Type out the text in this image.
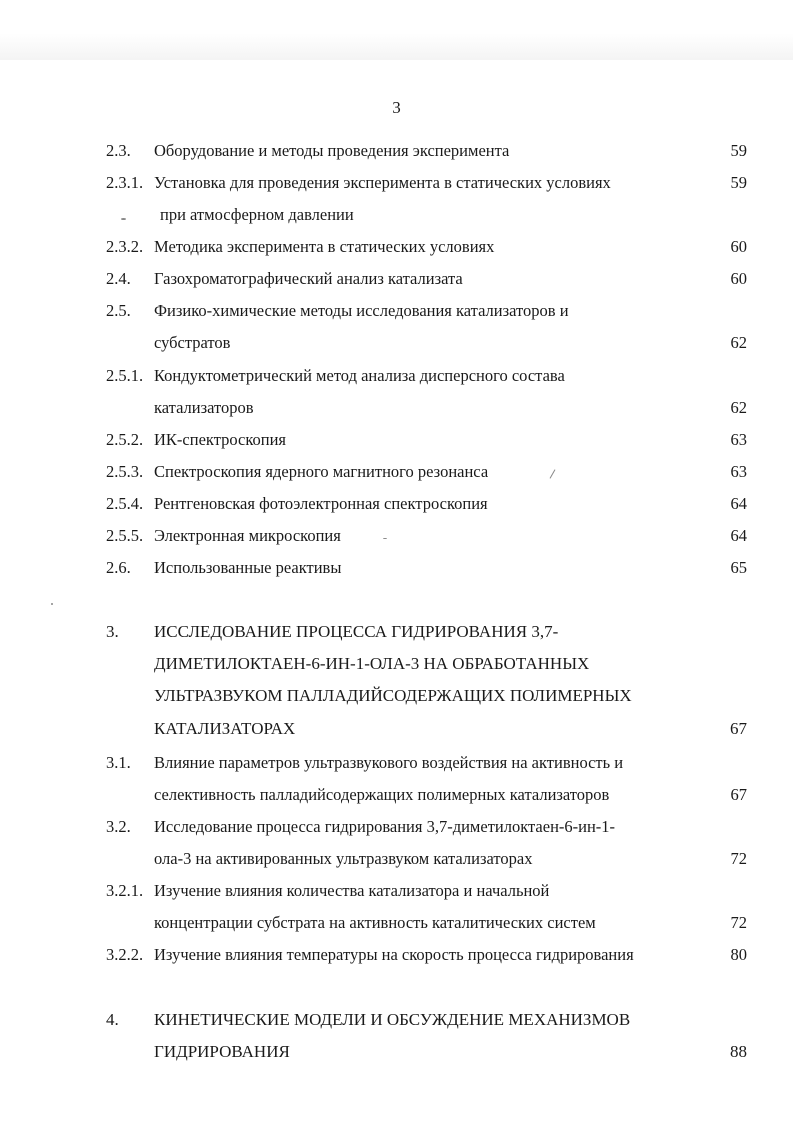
3
2.3. Оборудование и методы проведения эксперимента	59
2.3.1. Установка для проведения эксперимента в статических условиях	59
при атмосферном давлении
2.3.2. Методика эксперимента в статических условиях	60
2.4. Газохроматографический анализ катализата	60
2.5. Физико-химические методы исследования катализаторов и
субстратов	62
2.5.1. Кондуктометрический метод анализа дисперсного состава
катализаторов	62
2.5.2. ИК-спектроскопия	63
2.5.3. Спектроскопия ядерного магнитного резонанса	63
2.5.4. Рентгеновская фотоэлектронная спектроскопия	64
2.5.5. Электронная микроскопия	64
2.6. Использованные реактивы	65
3. ИССЛЕДОВАНИЕ ПРОЦЕССА ГИДРИРОВАНИЯ 3,7-
ДИМЕТИЛОКТАЕН-6-ИН-1-ОЛА-3 НА ОБРАБОТАННЫХ
УЛЬТРАЗВУКОМ ПАЛЛАДИЙСОДЕРЖАЩИХ ПОЛИМЕРНЫХ
КАТАЛИЗАТОРАХ	67
3.1. Влияние параметров ультразвукового воздействия на активность и
селективность палладийсодержащих полимерных катализаторов	67
3.2. Исследование процесса гидрирования 3,7-диметилоктаен-6-ин-1-
ола-3 на активированных ультразвуком катализаторах	72
3.2.1. Изучение влияния количества катализатора и начальной
концентрации субстрата на активность каталитических систем	72
3.2.2. Изучение влияния температуры на скорость процесса гидрирования	80
4. КИНЕТИЧЕСКИЕ МОДЕЛИ И ОБСУЖДЕНИЕ МЕХАНИЗМОВ
ГИДРИРОВАНИЯ	88
